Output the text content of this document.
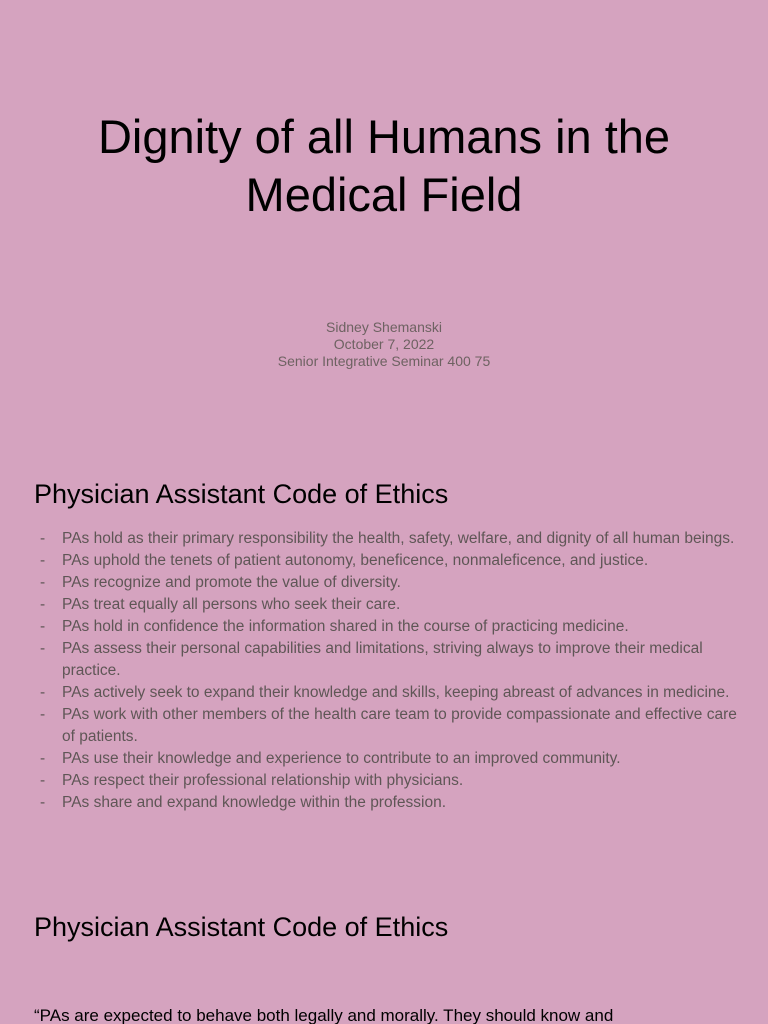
Dignity of all Humans in the Medical Field
Sidney Shemanski
October 7, 2022
Senior Integrative Seminar 400 75
Physician Assistant Code of Ethics
- PAs hold as their primary responsibility the health, safety, welfare, and dignity of all human beings.
- PAs uphold the tenets of patient autonomy, beneficence, nonmaleficence, and justice.
- PAs recognize and promote the value of diversity.
- PAs treat equally all persons who seek their care.
- PAs hold in confidence the information shared in the course of practicing medicine.
- PAs assess their personal capabilities and limitations, striving always to improve their medical practice.
- PAs actively seek to expand their knowledge and skills, keeping abreast of advances in medicine.
- PAs work with other members of the health care team to provide compassionate and effective care of patients.
- PAs use their knowledge and experience to contribute to an improved community.
- PAs respect their professional relationship with physicians.
- PAs share and expand knowledge within the profession.
Physician Assistant Code of Ethics
“PAs are expected to behave both legally and morally. They should know and
